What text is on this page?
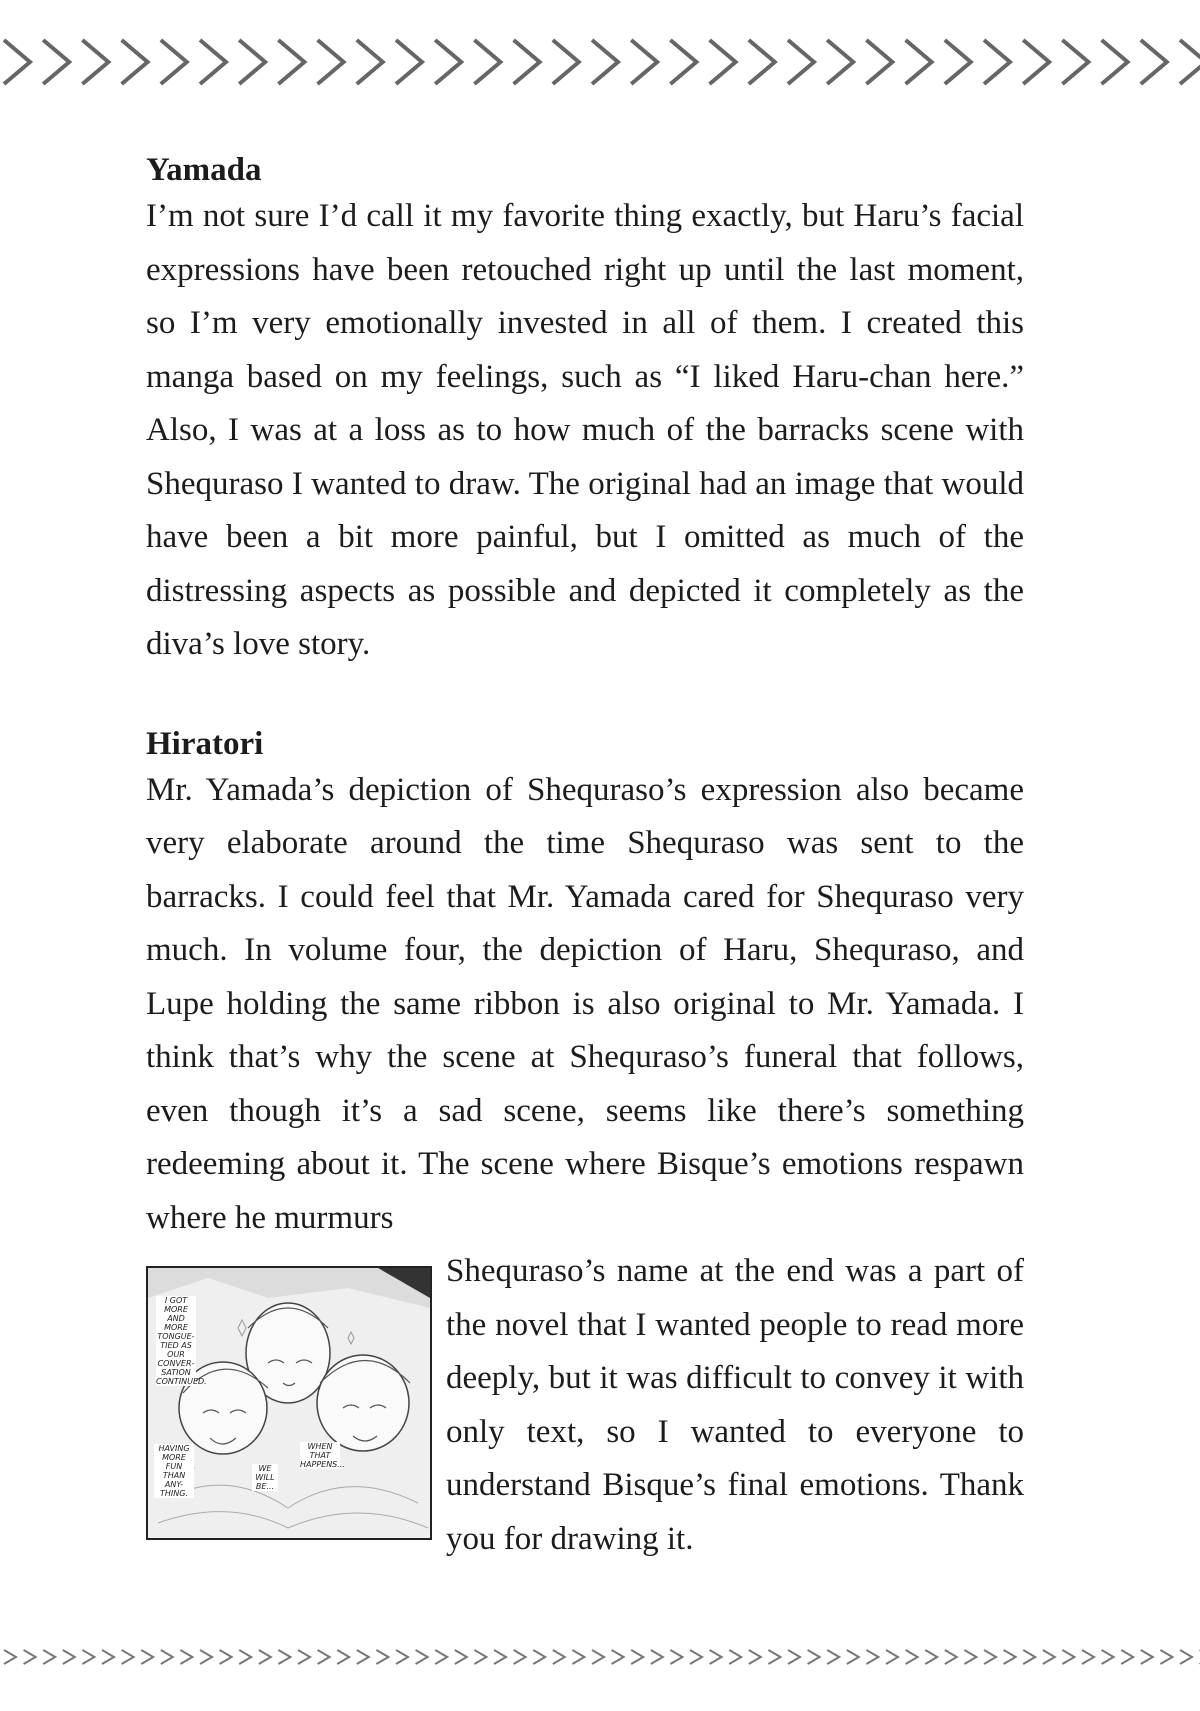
Yamada

I’m not sure I’d call it my favorite thing exactly, but Haru’s facial expressions have been retouched right up until the last moment, so I’m very emotionally invested in all of them. I created this manga based on my feelings, such as “I liked Haru-chan here.” Also, I was at a loss as to how much of the barracks scene with Shequraso I wanted to draw. The original had an image that would have been a bit more painful, but I omitted as much of the distressing aspects as possible and depicted it completely as the diva’s love story.

Hiratori

Mr. Yamada’s depiction of Shequraso’s expression also became very elaborate around the time Shequraso was sent to the barracks. I could feel that Mr. Yamada cared for Shequraso very much. In volume four, the depiction of Haru, Shequraso, and Lupe holding the same ribbon is also original to Mr. Yamada. I think that’s why the scene at Shequraso’s funeral that follows, even though it’s a sad scene, seems like there’s something redeeming about it. The scene where Bisque’s emotions respawn where he murmurs

I GOT MORE AND MORE TONGUE-TIED AS OUR CONVER-SATION CONTINUED.
HAVING MORE FUN THAN ANY-THING.
WE WILL BE...
WHEN THAT HAPPENS...

Shequraso’s name at the end was a part of the novel that I wanted people to read more deeply, but it was difficult to convey it with only text, so I wanted to everyone to understand Bisque’s final emotions. Thank you for drawing it.
